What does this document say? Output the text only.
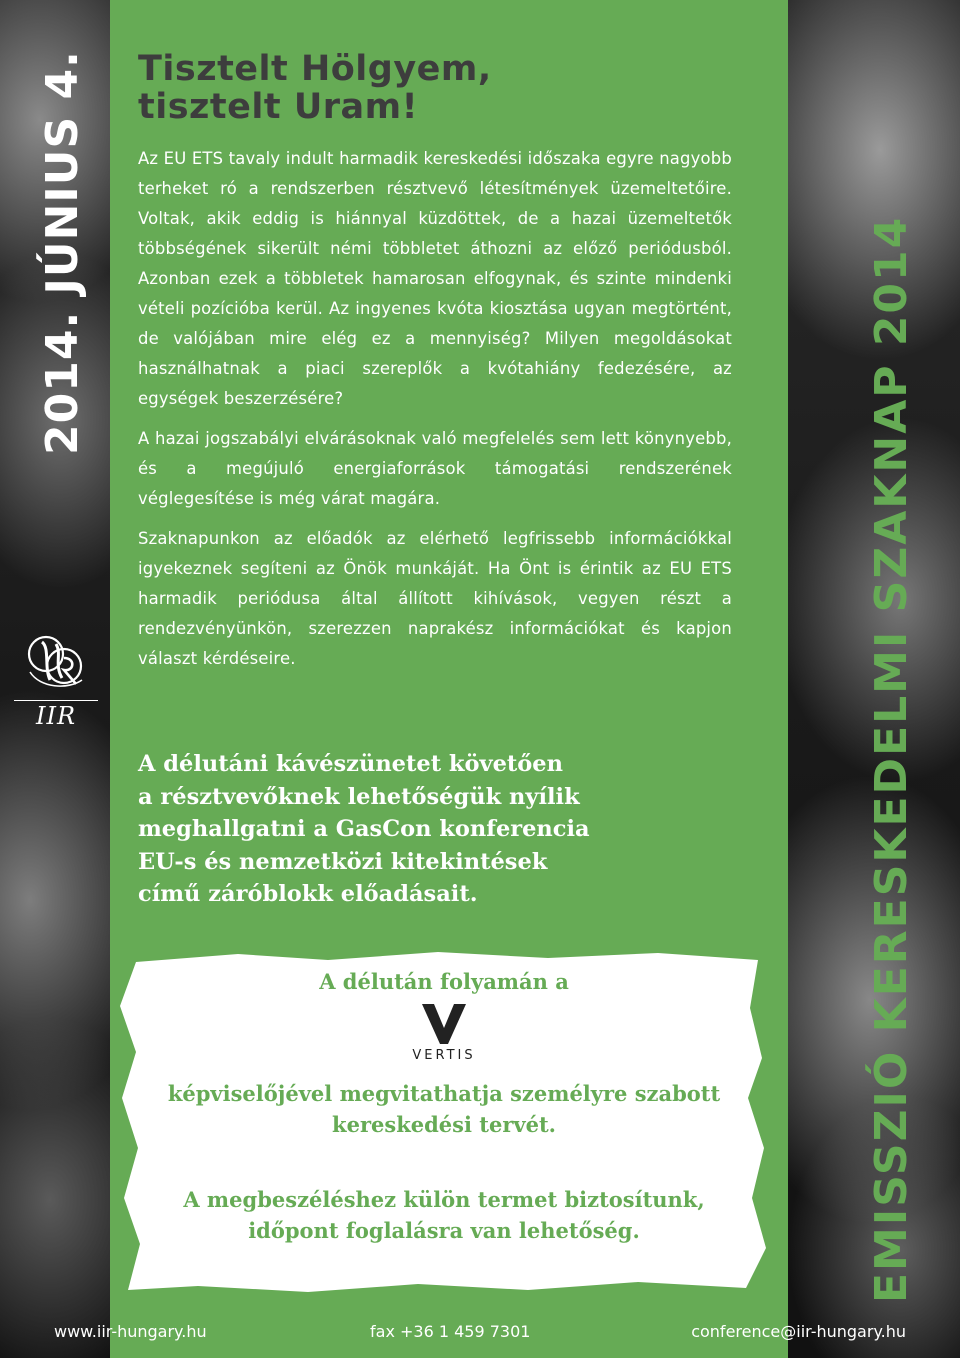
2014. JÚNIUS 4.
IIR	EMISSZIÓ KERESKEDELMI SZAKNAP 2014
Tisztelt Hölgyem,
tisztelt Uram!

Az EU ETS tavaly indult harmadik kereskedési időszaka egyre nagyobb terheket ró a rendszerben résztvevő létesítmények üzemeltetőire. Voltak, akik eddig is hiánnyal küzdöttek, de a hazai üzemeltetők többségének sikerült némi többletet áthozni az előző periódusból. Azonban ezek a többletek hamarosan elfogynak, és szinte mindenki vételi pozícióba kerül. Az ingyenes kvóta kiosztása ugyan megtörtént, de valójában mire elég ez a mennyiség? Milyen megoldásokat használhatnak a piaci szereplők a kvótahiány fedezésére, az egységek beszerzésére?

A hazai jogszabályi elvárásoknak való megfelelés sem lett könynyebb, és a megújuló energiaforrások támogatási rendszerének véglegesítése is még várat magára.

Szaknapunkon az előadók az elérhető legfrissebb információkkal igyekeznek segíteni az Önök munkáját. Ha Önt is érintik az EU ETS harmadik periódusa által állított kihívások, vegyen részt a rendezvényünkön, szerezzen naprakész információkat és kapjon választ kérdéseire.

A délutáni kávészünetet követően
a résztvevőknek lehetőségük nyílik
meghallgatni a GasCon konferencia
EU-s és nemzetközi kitekintések
című záróblokk előadásait.

A délután folyamán a
VERTIS
képviselőjével megvitathatja személyre szabott kereskedési tervét.
A megbeszéléshez külön termet biztosítunk, időpont foglalásra van lehetőség.
www.iir-hungary.hu	fax +36 1 459 7301	conference@iir-hungary.hu
